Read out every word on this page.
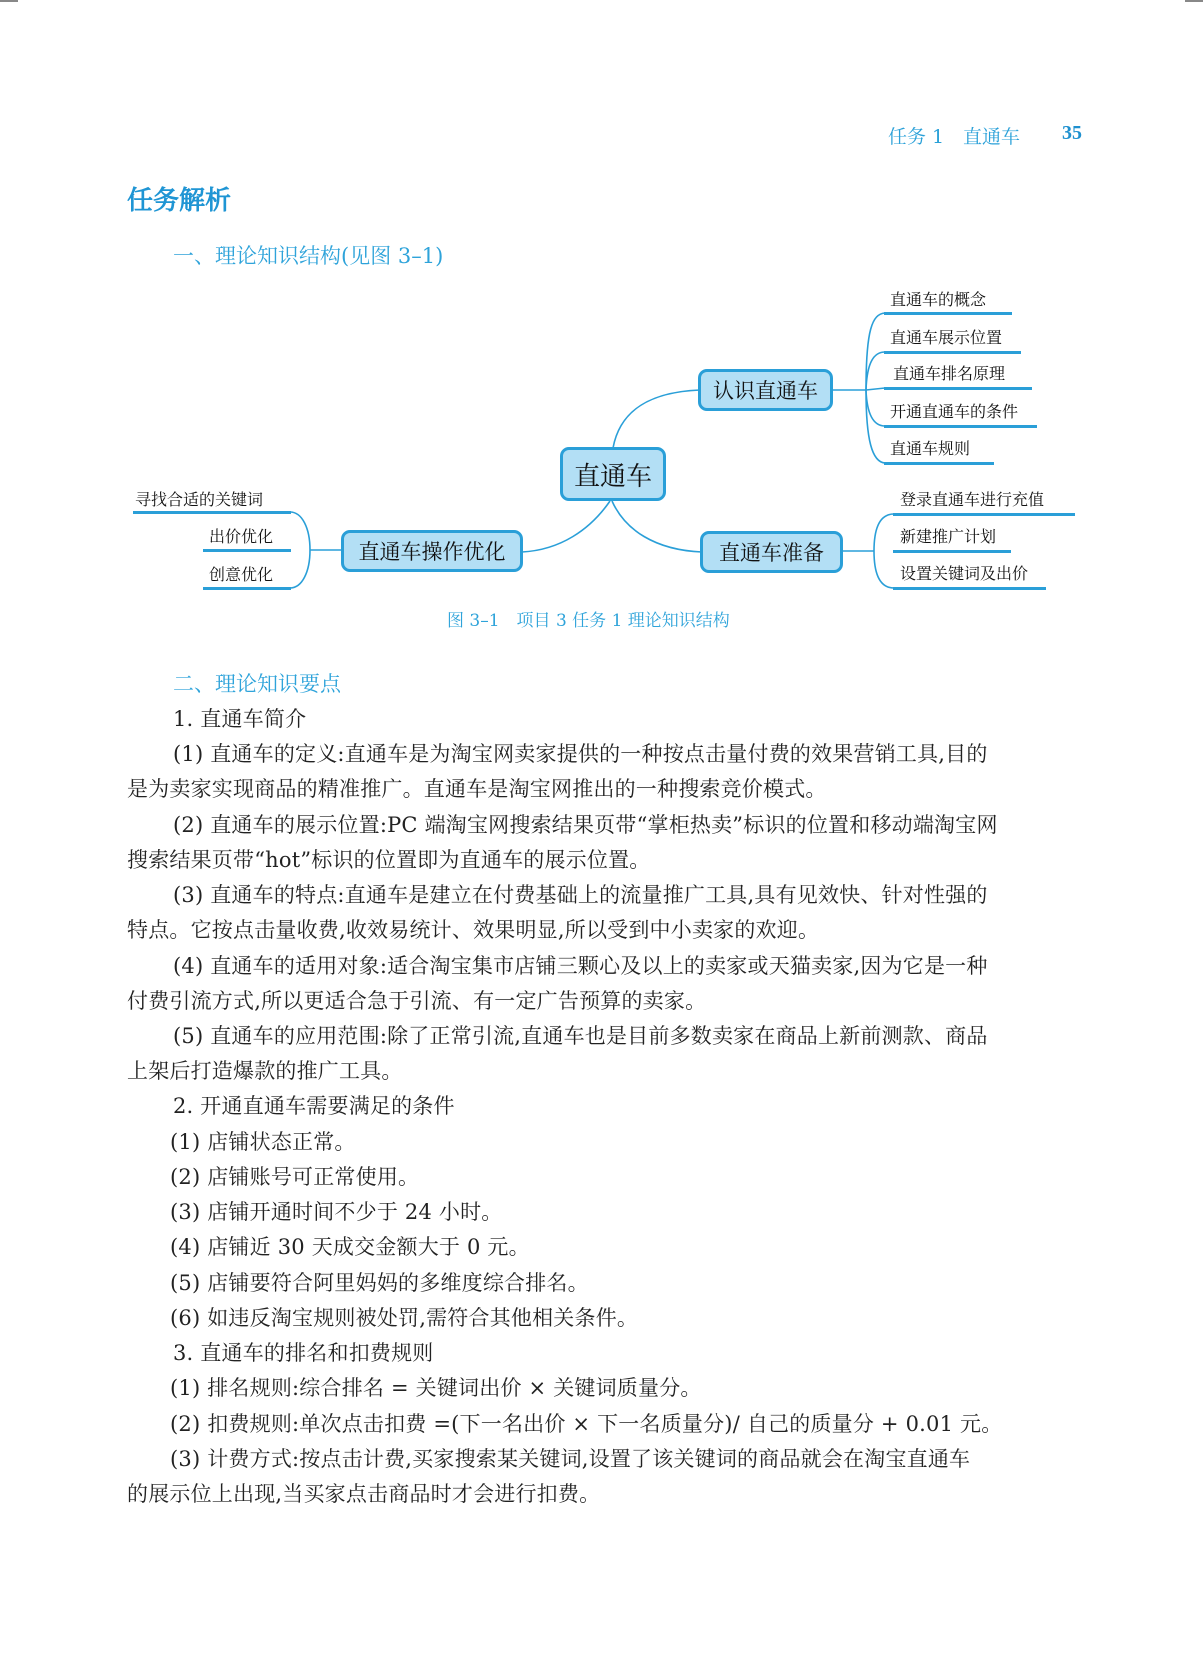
任务 1 直通车 35
任务解析
一、理论知识结构(见图 3–1)
直通车
认识直通车
直通车准备
直通车操作优化
直通车的概念
直通车展示位置
直通车排名原理
开通直通车的条件
直通车规则
登录直通车进行充值
新建推广计划
设置关键词及出价
寻找合适的关键词
出价优化
创意优化
图 3–1　项目 3 任务 1 理论知识结构
二、理论知识要点
1. 直通车简介
(1) 直通车的定义:直通车是为淘宝网卖家提供的一种按点击量付费的效果营销工具,目的
是为卖家实现商品的精准推广。直通车是淘宝网推出的一种搜索竞价模式。
(2) 直通车的展示位置:PC 端淘宝网搜索结果页带“掌柜热卖”标识的位置和移动端淘宝网
搜索结果页带“hot”标识的位置即为直通车的展示位置。
(3) 直通车的特点:直通车是建立在付费基础上的流量推广工具,具有见效快、针对性强的
特点。它按点击量收费,收效易统计、效果明显,所以受到中小卖家的欢迎。
(4) 直通车的适用对象:适合淘宝集市店铺三颗心及以上的卖家或天猫卖家,因为它是一种
付费引流方式,所以更适合急于引流、有一定广告预算的卖家。
(5) 直通车的应用范围:除了正常引流,直通车也是目前多数卖家在商品上新前测款、商品
上架后打造爆款的推广工具。
2. 开通直通车需要满足的条件
(1) 店铺状态正常。
(2) 店铺账号可正常使用。
(3) 店铺开通时间不少于 24 小时。
(4) 店铺近 30 天成交金额大于 0 元。
(5) 店铺要符合阿里妈妈的多维度综合排名。
(6) 如违反淘宝规则被处罚,需符合其他相关条件。
3. 直通车的排名和扣费规则
(1) 排名规则:综合排名 = 关键词出价 × 关键词质量分。
(2) 扣费规则:单次点击扣费 =(下一名出价 × 下一名质量分)/ 自己的质量分 + 0.01 元。
(3) 计费方式:按点击计费,买家搜索某关键词,设置了该关键词的商品就会在淘宝直通车
的展示位上出现,当买家点击商品时才会进行扣费。
